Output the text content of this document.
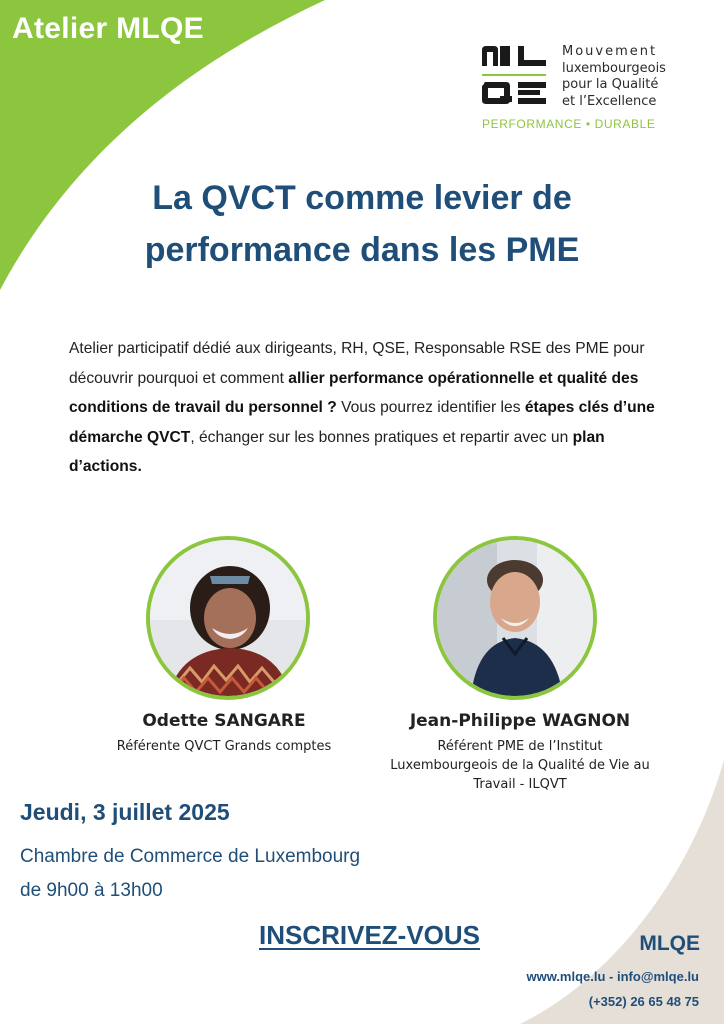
Atelier MLQE
Mouvement
luxembourgeois
pour la Qualité
et l’Excellence
PERFORMANCE • DURABLE
La QVCT comme levier de
performance dans les PME
Atelier participatif dédié aux dirigeants, RH, QSE, Responsable RSE des PME pour découvrir pourquoi et comment allier performance opérationnelle et qualité des conditions de travail du personnel ? Vous pourrez identifier les étapes clés d’une démarche QVCT, échanger sur les bonnes pratiques et repartir avec un plan d’actions.
Odette SANGARE
Référente QVCT Grands comptes
Jean-Philippe WAGNON
Référent PME de l’Institut Luxembourgeois de la Qualité de Vie au Travail - ILQVT
Jeudi, 3 juillet 2025
Chambre de Commerce de Luxembourg
de 9h00 à 13h00
INSCRIVEZ-VOUS	MLQE
www.mlqe.lu - info@mlqe.lu
(+352) 26 65 48 75
